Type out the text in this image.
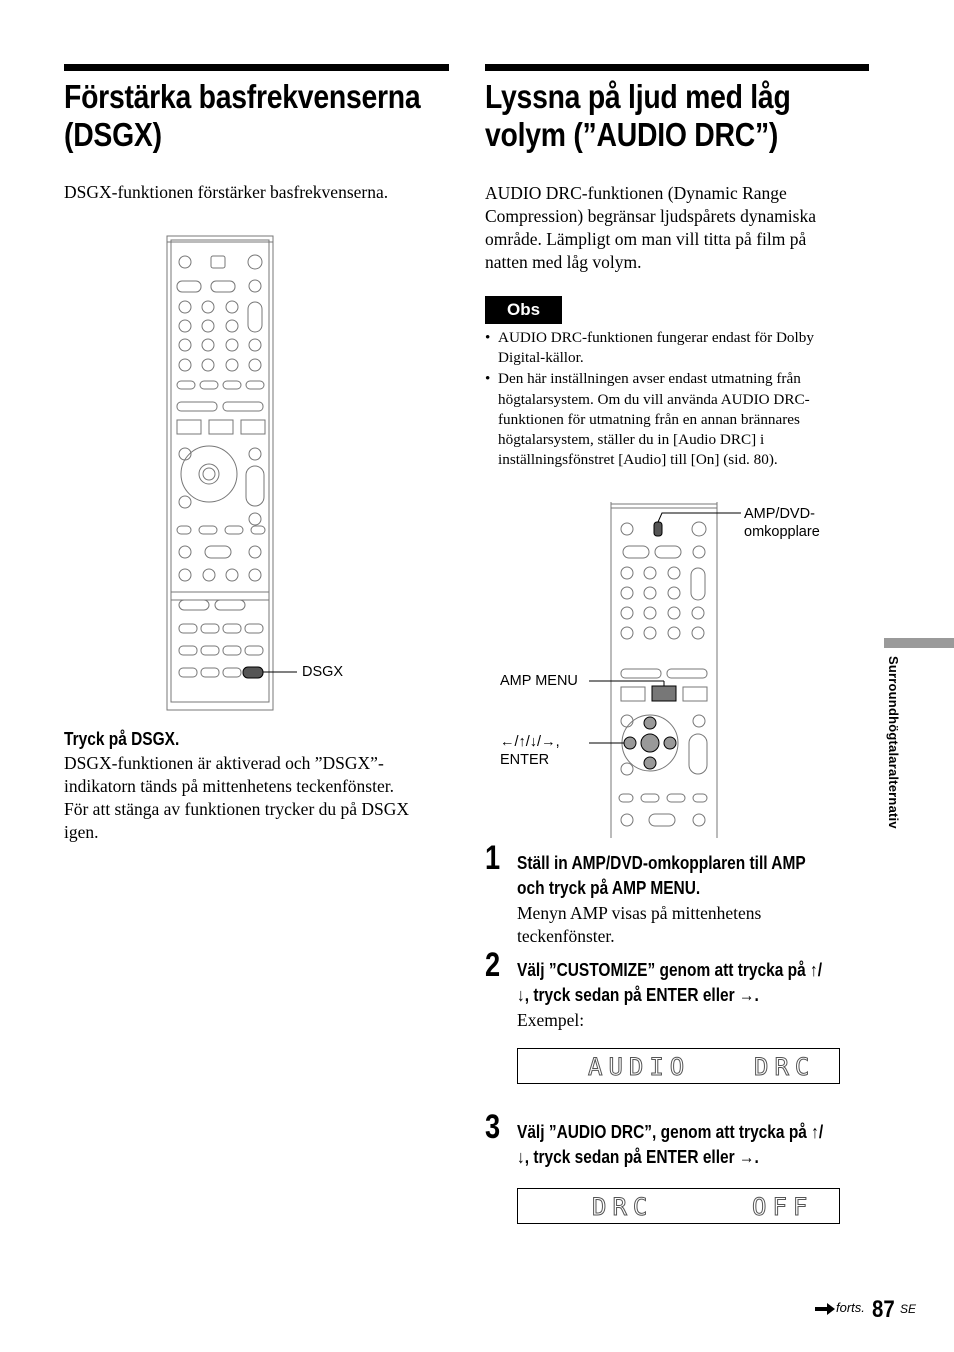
Förstärka basfrekvenserna
(DSGX)
DSGX-funktionen förstärker basfrekvenserna.
DSGX
Tryck på DSGX.
DSGX-funktionen är aktiverad och ”DSGX”-
indikatorn tänds på mittenhetens teckenfönster.
För att stänga av funktionen trycker du på DSGX
igen.
Lyssna på ljud med låg
volym (”AUDIO DRC”)
AUDIO DRC-funktionen (Dynamic Range
Compression) begränsar ljudspårets dynamiska
område. Lämpligt om man vill titta på film på
natten med låg volym.
Obs
• AUDIO DRC-funktionen fungerar endast för Dolby
Digital-källor.
• Den här inställningen avser endast utmatning från
högtalarsystem. Om du vill använda AUDIO DRC-
funktionen för utmatning från en annan brännares
högtalarsystem, ställer du in [Audio DRC] i
inställningsfönstret [Audio] till [On] (sid. 80).
AMP/DVD-
omkopplare
AMP MENU
←/↑/↓/→,
ENTER
1 Ställ in AMP/DVD-omkopplaren till AMP
och tryck på AMP MENU.
Menyn AMP visas på mittenhetens
teckenfönster.
2 Välj ”CUSTOMIZE” genom att trycka på ↑/
↓, tryck sedan på ENTER eller →.
Exempel:
AUDIO	DRC
3 Välj ”AUDIO DRC”, genom att trycka på ↑/
↓, tryck sedan på ENTER eller →.
DRC	OFF
Surroundhögtalaralternativ
forts. 87 SE
